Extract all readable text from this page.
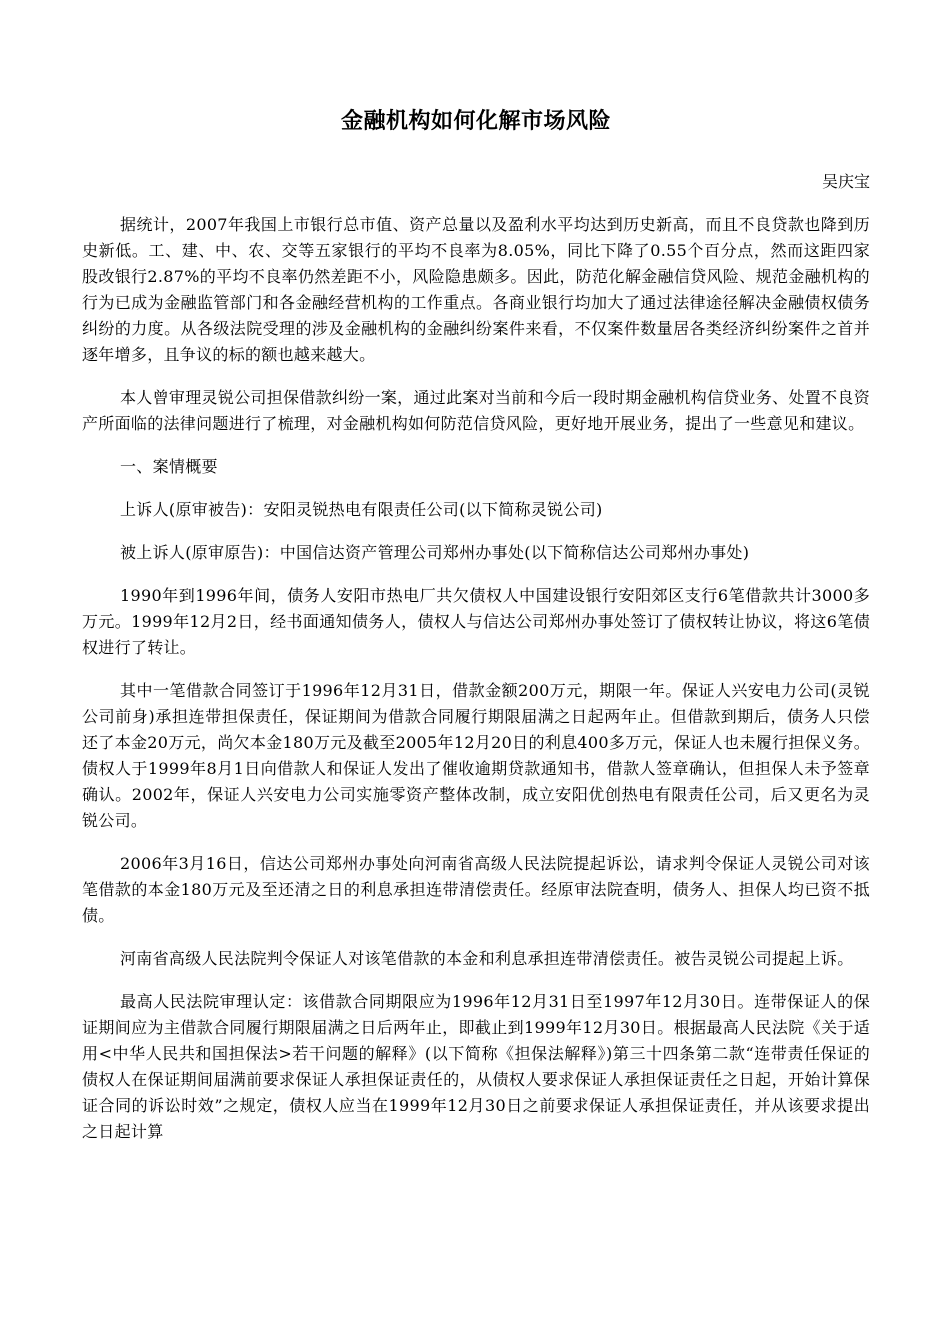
金融机构如何化解市场风险
吴庆宝

据统计，2007年我国上市银行总市值、资产总量以及盈利水平均达到历史新高，而且不良贷款也降到历史新低。工、建、中、农、交等五家银行的平均不良率为8.05%，同比下降了0.55个百分点，然而这距四家股改银行2.87%的平均不良率仍然差距不小，风险隐患颇多。因此，防范化解金融信贷风险、规范金融机构的行为已成为金融监管部门和各金融经营机构的工作重点。各商业银行均加大了通过法律途径解决金融债权债务纠纷的力度。从各级法院受理的涉及金融机构的金融纠纷案件来看，不仅案件数量居各类经济纠纷案件之首并逐年增多，且争议的标的额也越来越大。

本人曾审理灵锐公司担保借款纠纷一案，通过此案对当前和今后一段时期金融机构信贷业务、处置不良资产所面临的法律问题进行了梳理，对金融机构如何防范信贷风险，更好地开展业务，提出了一些意见和建议。

一、案情概要

上诉人(原审被告)：安阳灵锐热电有限责任公司(以下简称灵锐公司)

被上诉人(原审原告)：中国信达资产管理公司郑州办事处(以下简称信达公司郑州办事处)

1990年到1996年间，债务人安阳市热电厂共欠债权人中国建设银行安阳郊区支行6笔借款共计3000多万元。1999年12月2日，经书面通知债务人，债权人与信达公司郑州办事处签订了债权转让协议，将这6笔债权进行了转让。

其中一笔借款合同签订于1996年12月31日，借款金额200万元，期限一年。保证人兴安电力公司(灵锐公司前身)承担连带担保责任，保证期间为借款合同履行期限届满之日起两年止。但借款到期后，债务人只偿还了本金20万元，尚欠本金180万元及截至2005年12月20日的利息400多万元，保证人也未履行担保义务。债权人于1999年8月1日向借款人和保证人发出了催收逾期贷款通知书，借款人签章确认，但担保人未予签章确认。2002年，保证人兴安电力公司实施零资产整体改制，成立安阳优创热电有限责任公司，后又更名为灵锐公司。

2006年3月16日，信达公司郑州办事处向河南省高级人民法院提起诉讼，请求判令保证人灵锐公司对该笔借款的本金180万元及至还清之日的利息承担连带清偿责任。经原审法院查明，债务人、担保人均已资不抵债。

河南省高级人民法院判令保证人对该笔借款的本金和利息承担连带清偿责任。被告灵锐公司提起上诉。

最高人民法院审理认定：该借款合同期限应为1996年12月31日至1997年12月30日。连带保证人的保证期间应为主借款合同履行期限届满之日后两年止，即截止到1999年12月30日。根据最高人民法院《关于适用<中华人民共和国担保法>若干问题的解释》(以下简称《担保法解释》)第三十四条第二款“连带责任保证的债权人在保证期间届满前要求保证人承担保证责任的，从债权人要求保证人承担保证责任之日起，开始计算保证合同的诉讼时效”之规定，债权人应当在1999年12月30日之前要求保证人承担保证责任，并从该要求提出之日起计算
